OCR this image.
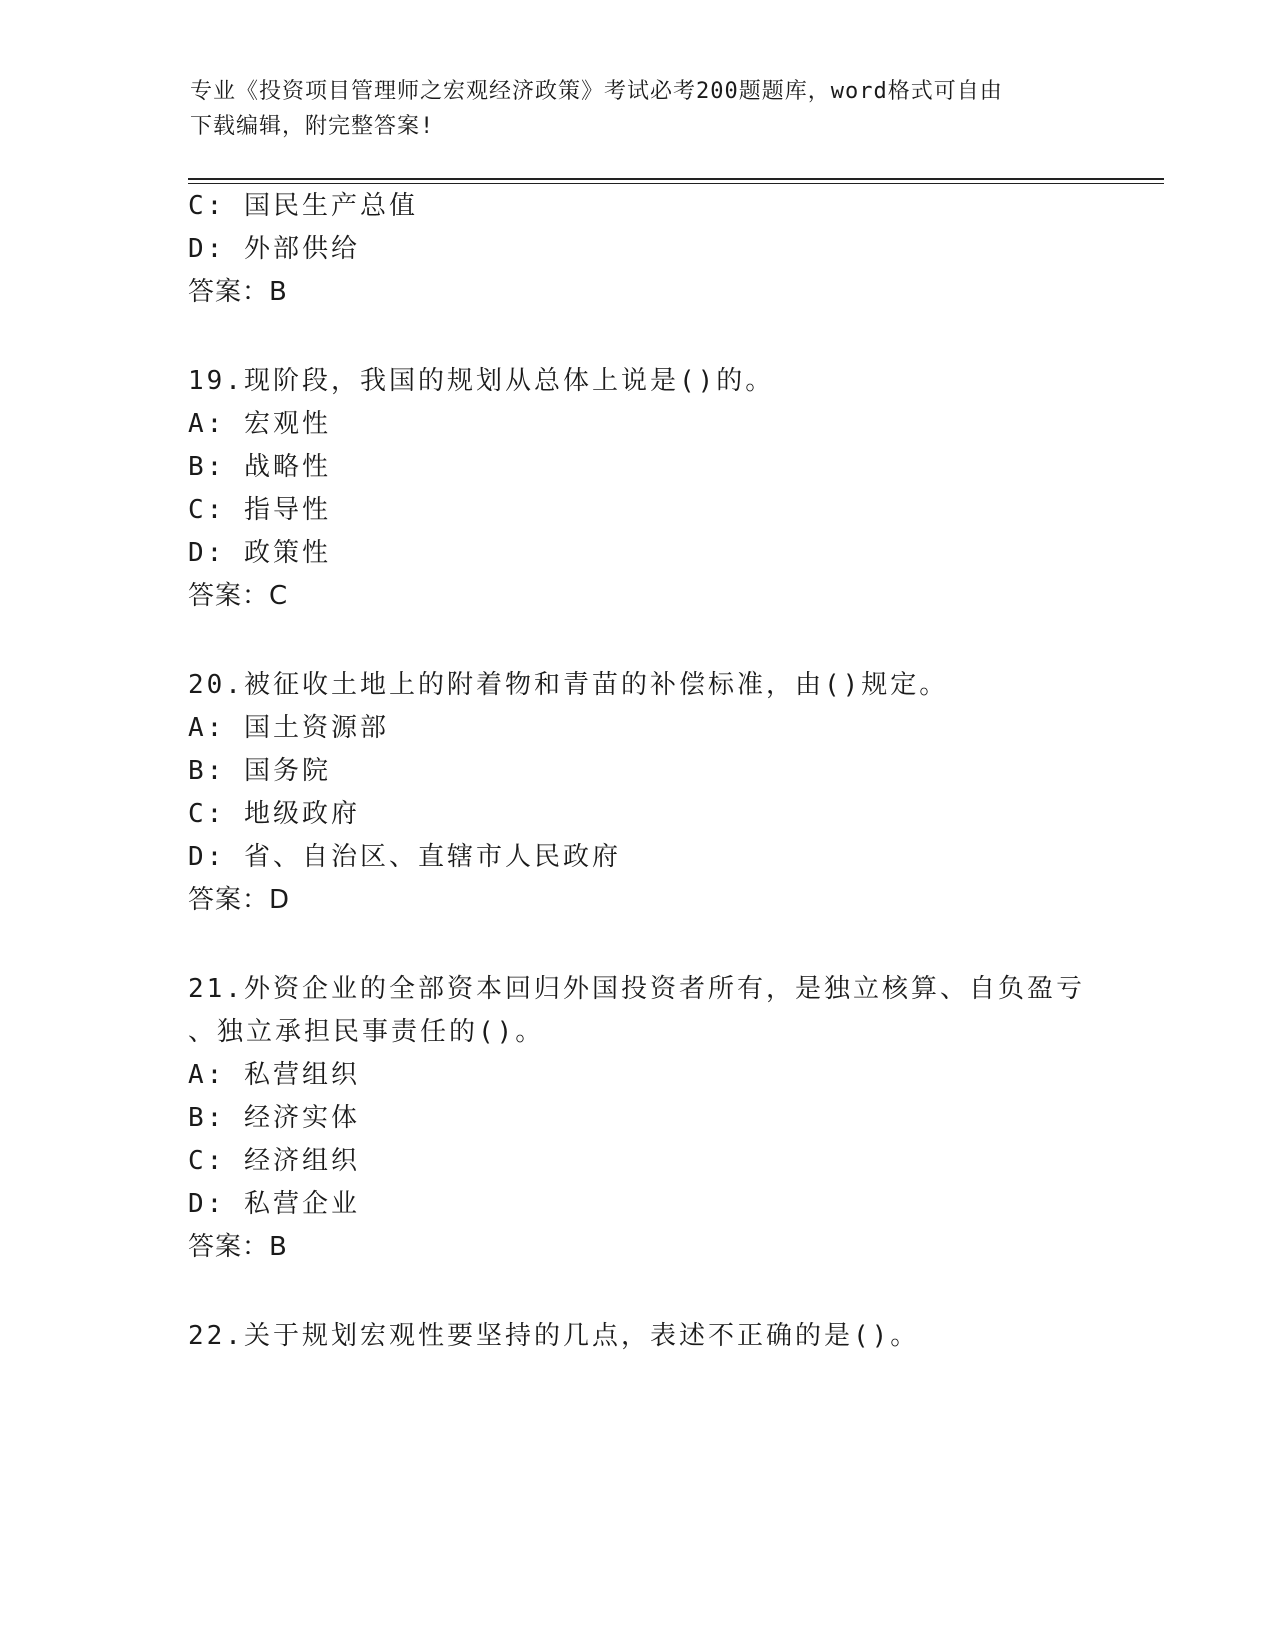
专业《投资项目管理师之宏观经济政策》考试必考200题题库，word格式可自由
下载编辑，附完整答案!
C: 国民生产总值
D: 外部供给
答案：B
19.现阶段，我国的规划从总体上说是()的。
A: 宏观性
B: 战略性
C: 指导性
D: 政策性
答案：C
20.被征收土地上的附着物和青苗的补偿标准，由()规定。
A: 国土资源部
B: 国务院
C: 地级政府
D: 省、自治区、直辖市人民政府
答案：D
21.外资企业的全部资本回归外国投资者所有，是独立核算、自负盈亏
、独立承担民事责任的()。
A: 私营组织
B: 经济实体
C: 经济组织
D: 私营企业
答案：B
22.关于规划宏观性要坚持的几点，表述不正确的是()。
